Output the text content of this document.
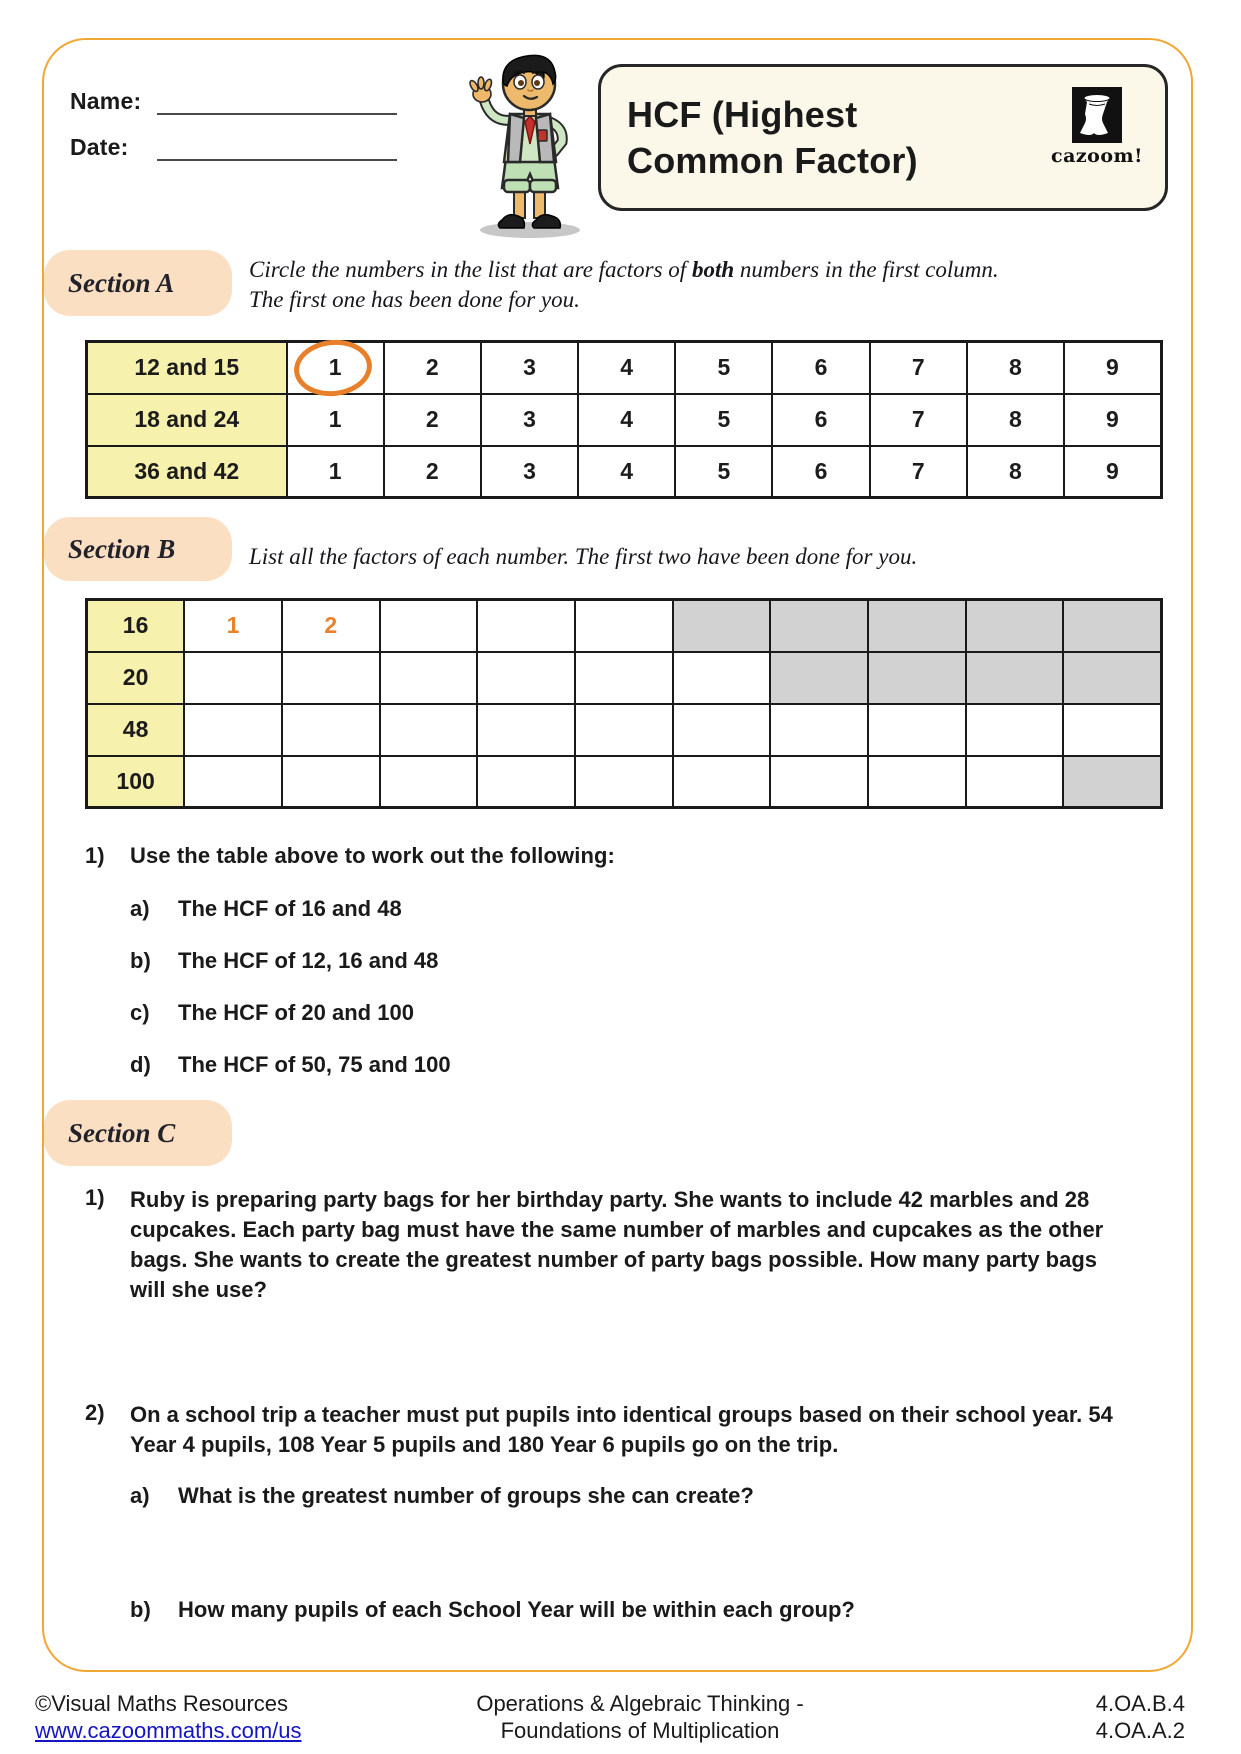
Name:
Date:
HCF (Highest
Common Factor)	cazoom!
Section A	Circle the numbers in the list that are factors of both numbers in the first column.
The first one has been done for you.
12 and 15	1	2	3	4	5	6	7	8	9
18 and 24	1	2	3	4	5	6	7	8	9
36 and 42	1	2	3	4	5	6	7	8	9
Section B	List all the factors of each number. The first two have been done for you.
16	1	2								
20										
48										
100										
1) Use the table above to work out the following:
a) The HCF of 16 and 48
b) The HCF of 12, 16 and 48
c) The HCF of 20 and 100
d) The HCF of 50, 75 and 100
Section C
1) Ruby is preparing party bags for her birthday party. She wants to include 42 marbles and 28 cupcakes. Each party bag must have the same number of marbles and cupcakes as the other bags. She wants to create the greatest number of party bags possible. How many party bags will she use?
2) On a school trip a teacher must put pupils into identical groups based on their school year. 54 Year 4 pupils, 108 Year 5 pupils and 180 Year 6 pupils go on the trip.
a) What is the greatest number of groups she can create?
b) How many pupils of each School Year will be within each group?
©Visual Maths Resources
www.cazoommaths.com/us
Operations & Algebraic Thinking -
Foundations of Multiplication
4.OA.B.4
4.OA.A.2
